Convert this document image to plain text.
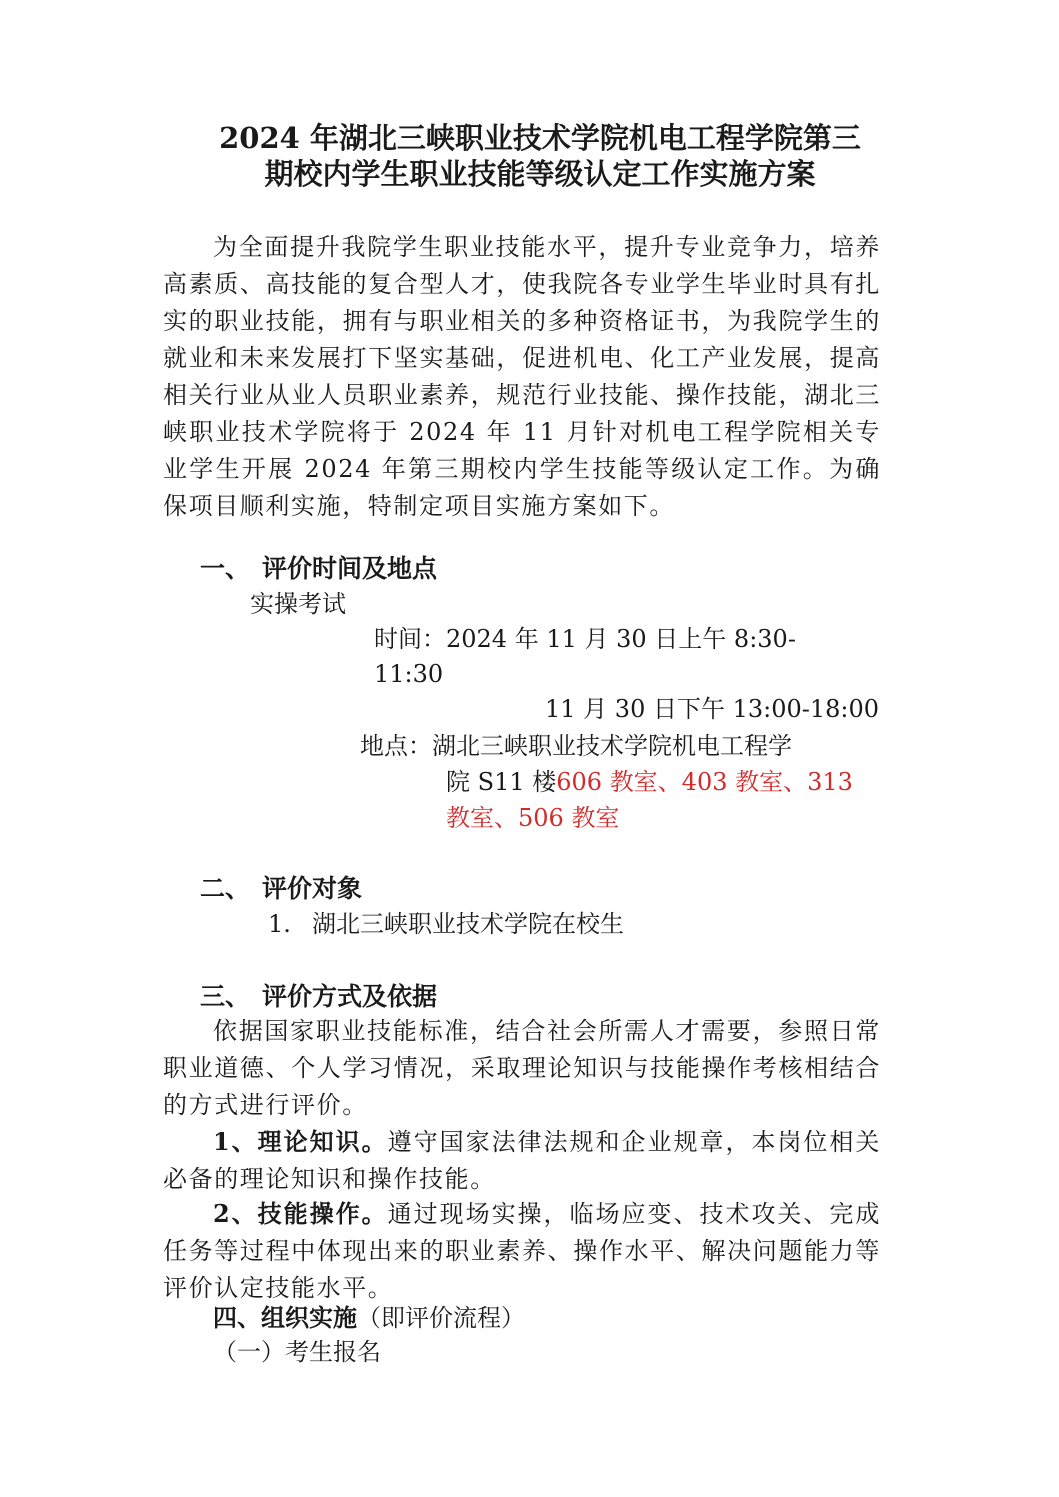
2024 年湖北三峡职业技术学院机电工程学院第三
期校内学生职业技能等级认定工作实施方案

为全面提升我院学生职业技能水平，提升专业竞争力，培养高素质、高技能的复合型人才，使我院各专业学生毕业时具有扎实的职业技能，拥有与职业相关的多种资格证书，为我院学生的就业和未来发展打下坚实基础，促进机电、化工产业发展，提高相关行业从业人员职业素养，规范行业技能、操作技能，湖北三峡职业技术学院将于 2024 年 11 月针对机电工程学院相关专业学生开展 2024 年第三期校内学生技能等级认定工作。为确保项目顺利实施，特制定项目实施方案如下。

一、 评价时间及地点
实操考试
时间：2024 年 11 月 30 日上午 8:30-
11:30
11 月 30 日下午 13:00-18:00
地点：湖北三峡职业技术学院机电工程学
院 S11 楼606 教室、403 教室、313
教室、506 教室
二、 评价对象
1. 湖北三峡职业技术学院在校生
三、 评价方式及依据

依据国家职业技能标准，结合社会所需人才需要，参照日常职业道德、个人学习情况，采取理论知识与技能操作考核相结合的方式进行评价。

1、理论知识。遵守国家法律法规和企业规章，本岗位相关必备的理论知识和操作技能。

2、技能操作。通过现场实操，临场应变、技术攻关、完成任务等过程中体现出来的职业素养、操作水平、解决问题能力等评价认定技能水平。

四、组织实施（即评价流程）
（一）考生报名
